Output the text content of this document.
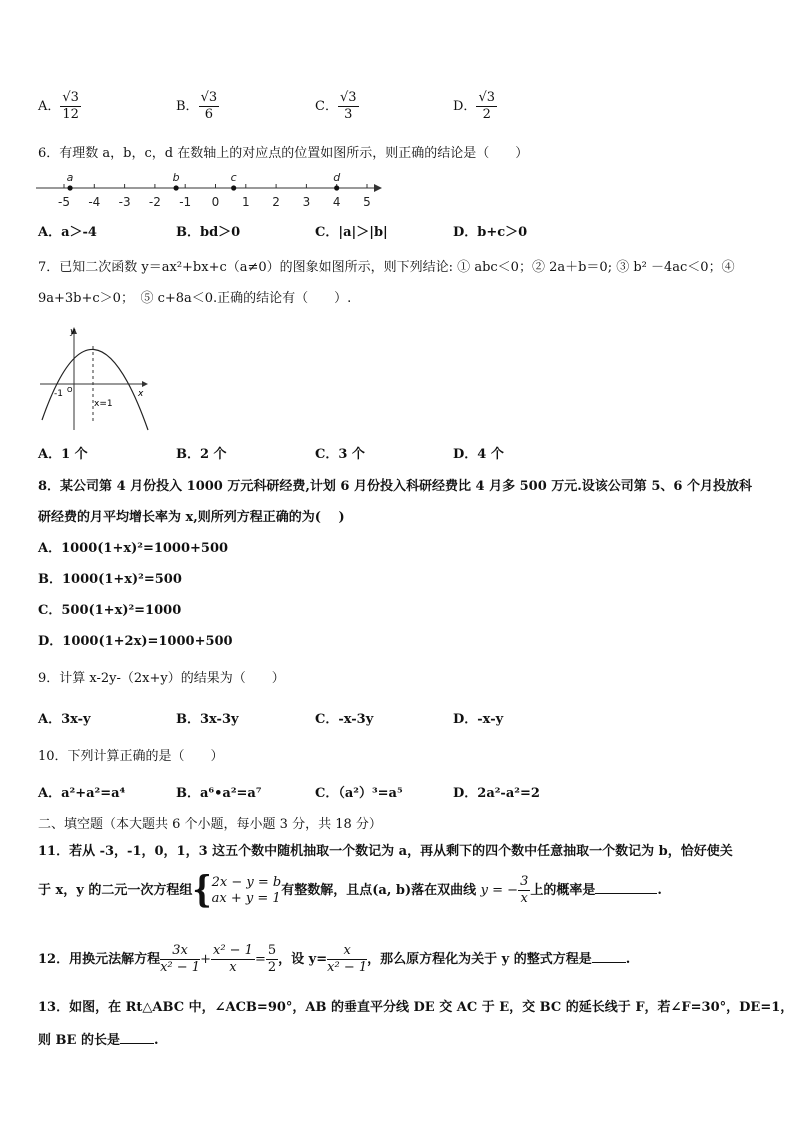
A． $\frac{√3}{12}$	B． $\frac{√3}{6}$	C． $\frac{√3}{3}$	D． $\frac{√3}{2}$
6．有理数 a，b，c，d 在数轴上的对应点的位置如图所示，则正确的结论是（　　）
-5 -4 -3 -2 -1 0 1 2 3 4 5
a	b	c	d
A．a＞-4	B．bd＞0	C．|a|＞|b|	D．b+c＞0
7．已知二次函数 y＝ax²+bx+c（a≠0）的图象如图所示，则下列结论: ① abc＜0；② 2a＋b＝0; ③ b² －4ac＜0；④
9a+3b+c＞0；　⑤ c+8a＜0.正确的结论有（　　）.
y
x
-1 O
x=1
A．1 个	B．2 个	C．3 个	D．4 个
8．某公司第 4 月份投入 1000 万元科研经费,计划 6 月份投入科研经费比 4 月多 500 万元.设该公司第 5、6 个月投放科
研经费的月平均增长率为 x,则所列方程正确的为(　 )
A．1000(1+x)²=1000+500
B．1000(1+x)²=500
C．500(1+x)²=1000
D．1000(1+2x)=1000+500
9．计算 x-2y-（2x+y）的结果为（　　）
A．3x-y	B．3x-3y	C．-x-3y	D．-x-y
10．下列计算正确的是（　　）
A．a²+a²=a⁴	B．a⁶•a²=a⁷	C．（a²）³=a⁵	D．2a²-a²=2
二、填空题（本大题共 6 个小题，每小题 3 分，共 18 分）
11．若从 -3，-1，0，1，3 这五个数中随机抽取一个数记为 a，再从剩下的四个数中任意抽取一个数记为 b，恰好使关
于 x，y 的二元一次方程组{ 2x − y = b
ax + y = 1 有整数解，且点(a, b)落在双曲线 y = − $\frac{3}{x}$ 上的概率是	.
12．用换元法解方程 $\frac{3x}{\text{x² − 1}} + \frac{\text{x² − 1}}{x} = \frac{5}{2}$ ，设 $y= \frac{x}{\text{x² − 1}}$ ，那么原方程化为关于 y 的整式方程是	.
13．如图，在 Rt△ABC 中，∠ACB=90°，AB 的垂直平分线 DE 交 AC 于 E，交 BC 的延长线于 F，若∠F=30°，DE=1，
则 BE 的长是	.
